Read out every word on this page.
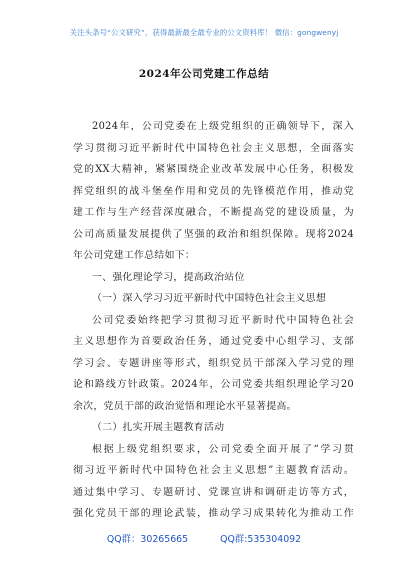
关注头条号“公文研究”，获得最新最全最专业的公文资料库！ 微信：gongwenyj
2024年公司党建工作总结
2024年，公司党委在上级党组织的正确领导下，深入
学习贯彻习近平新时代中国特色社会主义思想，全面落实
党的XX大精神，紧紧围绕企业改革发展中心任务，积极发
挥党组织的战斗堡垒作用和党员的先锋模范作用，推动党
建工作与生产经营深度融合，不断提高党的建设质量，为
公司高质量发展提供了坚强的政治和组织保障。现将2024
年公司党建工作总结如下：
一、强化理论学习，提高政治站位
（一）深入学习习近平新时代中国特色社会主义思想
公司党委始终把学习贯彻习近平新时代中国特色社会
主义思想作为首要政治任务，通过党委中心组学习、支部
学习会、专题讲座等形式，组织党员干部深入学习党的理
论和路线方针政策。2024年，公司党委共组织理论学习20
余次，党员干部的政治觉悟和理论水平显著提高。
（二）扎实开展主题教育活动
根据上级党组织要求，公司党委全面开展了“学习贯
彻习近平新时代中国特色社会主义思想”主题教育活动。
通过集中学习、专题研讨、党课宣讲和调研走访等方式，
强化党员干部的理论武装，推动学习成果转化为推动工作
QQ群：30265665	QQ群:535304092
